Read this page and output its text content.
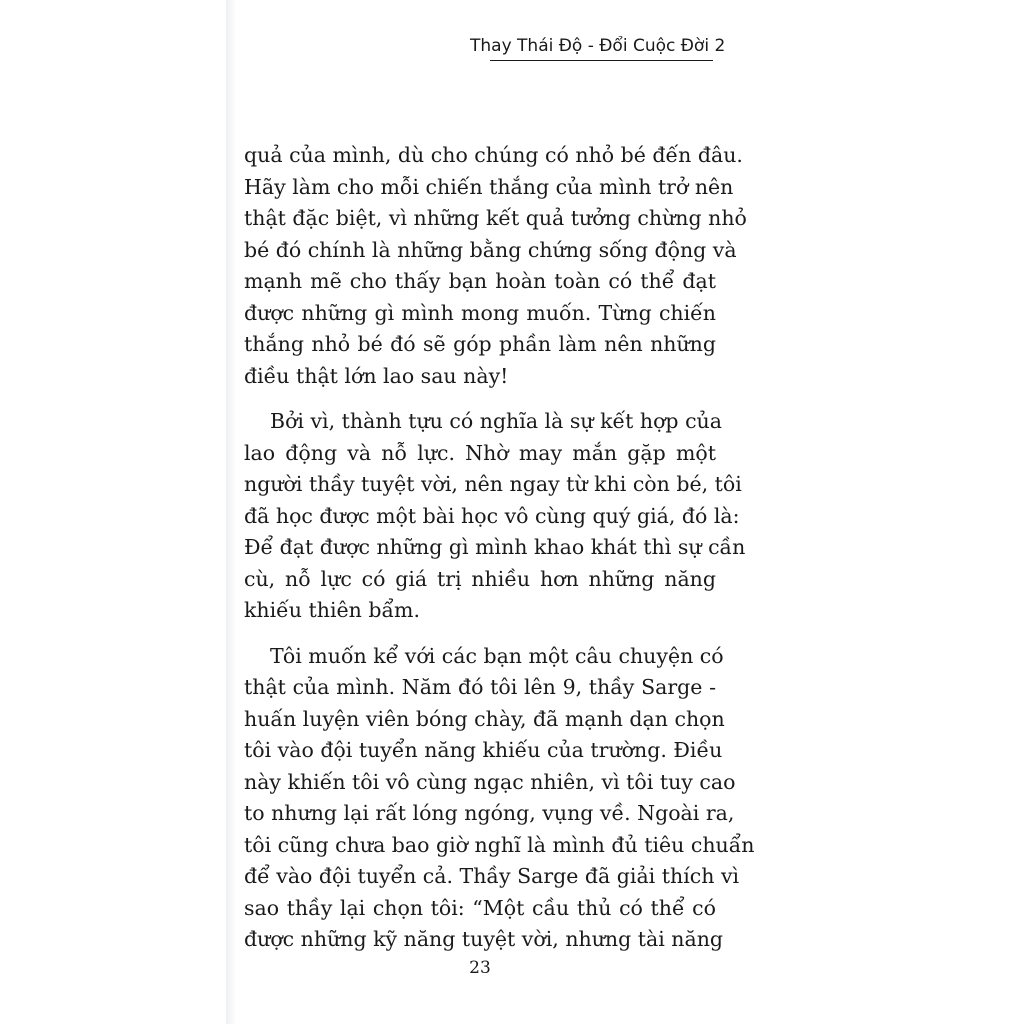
Thay Thái Độ - Đổi Cuộc Đời 2
quả của mình, dù cho chúng có nhỏ bé đến đâu.
Hãy làm cho mỗi chiến thắng của mình trở nên
thật đặc biệt, vì những kết quả tưởng chừng nhỏ
bé đó chính là những bằng chứng sống động và
mạnh mẽ cho thấy bạn hoàn toàn có thể đạt
được những gì mình mong muốn. Từng chiến
thắng nhỏ bé đó sẽ góp phần làm nên những
điều thật lớn lao sau này!
Bởi vì, thành tựu có nghĩa là sự kết hợp của
lao động và nỗ lực. Nhờ may mắn gặp một
người thầy tuyệt vời, nên ngay từ khi còn bé, tôi
đã học được một bài học vô cùng quý giá, đó là:
Để đạt được những gì mình khao khát thì sự cần
cù, nỗ lực có giá trị nhiều hơn những năng
khiếu thiên bẩm.
Tôi muốn kể với các bạn một câu chuyện có
thật của mình. Năm đó tôi lên 9, thầy Sarge -
huấn luyện viên bóng chày, đã mạnh dạn chọn
tôi vào đội tuyển năng khiếu của trường. Điều
này khiến tôi vô cùng ngạc nhiên, vì tôi tuy cao
to nhưng lại rất lóng ngóng, vụng về. Ngoài ra,
tôi cũng chưa bao giờ nghĩ là mình đủ tiêu chuẩn
để vào đội tuyển cả. Thầy Sarge đã giải thích vì
sao thầy lại chọn tôi: “Một cầu thủ có thể có
được những kỹ năng tuyệt vời, nhưng tài năng
23
